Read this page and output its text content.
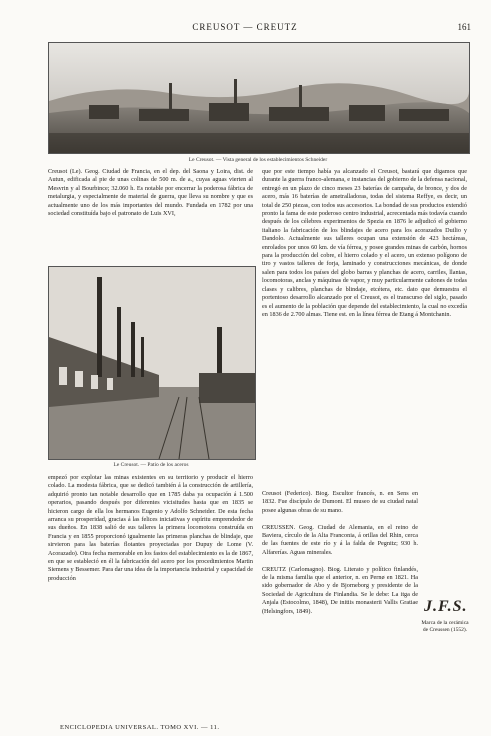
CREUSOT — CREUTZ	161
Le Creusot. — Vista general de los establecimientos Schneider
Creusot (Le). Geog. Ciudad de Francia, en el dep. del Saona y Loira, dist. de Autun, edificada al pie de unas colinas de 500 m. de a., cuyas aguas vierten al Mesvrin y al Bourbince; 32.060 h. Es notable por encerrar la poderosa fábrica de metalurgia, y especialmente de material de guerra, que lleva su nombre y que es actualmente uno de los más importantes del mundo. Fundada en 1782 por una sociedad constituída bajo el patronato de Luis XVI,
Le Creusot. — Patio de los aceros
que por este tiempo había ya alcanzado el Creusot, bastará que digamos que durante la guerra franco-alemana, e instancias del gobierno de la defensa nacional, entregó en un plazo de cinco meses 23 baterías de campaña, de bronce, y dos de acero, más 16 baterías de ametralladoras, todas del sistema Reffye, es decir, un total de 250 piezas, con todos sus accesorios. La bondad de sus productos extendió pronto la fama de este poderoso centro industrial, acrecentada más todavía cuando después de los célebres experimentos de Spezia en 1876 le adjudicó el gobierno italiano la fabricación de los blindajes de acero para los acorazados Duilio y Dandolo. Actualmente sus talleres ocupan una extensión de 423 hectáreas, enrolados por unos 60 km. de vía férrea, y posee grandes minas de carbón, hornos para la producción del cobre, el hierro colado y el acero, un extenso polígono de tiro y vastos talleres de forja, laminado y construcciones mecánicas, de donde salen para todos los países del globo barras y planchas de acero, carriles, llantas, locomotoras, anclas y máquinas de vapor, y muy particularmente cañones de todas clases y calibres, planchas de blindaje, etcétera, etc. dato que demuestra el portentoso desarrollo alcanzado por el Creusot, es el transcurso del siglo, pasado es el aumento de la población que depende del establecimiento, la cual no excedía en 1836 de 2.700 almas. Tiene est. en la línea férrea de Etang á Montchanin.
empezó por explotar las minas existentes en su territorio y producir el hierro colado. La modesta fábrica, que se dedicó también á la construcción de artillería, adquirió pronto tan notable desarrollo que en 1785 daba ya ocupación á 1.500 operarios, pasando después por diferentes vicisitudes hasta que en 1835 se hicieron cargo de ella los hermanos Eugenio y Adolfo Schneider. De esta fecha arranca su prosperidad, gracias á las felices iniciativas y espíritu emprendedor de sus dueños. En 1838 salió de sus talleres la primera locomotora construída en Francia y en 1855 proporcionó igualmente las primeras planchas de blindaje, que sirvieron para las baterías flotantes proyectadas por Dupuy de Lome (V. Acorazado). Otra fecha memorable en los fastos del establecimiento es la de 1867, en que se estableció en él la fabricación del acero por los procedimientos Martin Siemens y Bessemer. Para dar una idea de la importancia industrial y capacidad de producción
Creusot (Federico). Biog. Escultor francés, n. en Sens en 1832. Fue discípulo de Dumont. El museo de su ciudad natal posee algunas obras de su mano.

CREUSSEN. Geog. Ciudad de Alemania, en el reino de Baviera, círculo de la Alta Franconia, á orillas del Rhin, cerca de las fuentes de este río y á la falda de Pegnitz; 930 h. Alfarerías. Aguas minerales.

CREUTZ (Carlomagno). Biog. Literato y político finlandés, de la misma familia que el anterior, n. en Pernø en 1821. Ha sido gobernador de Abo y de Bjorneborg y presidente de la Sociedad de Agricultura de Finlandia. Se le debe: La itga de Anjala (Estocolmo, 1848), De initiis monasterii Vallis Gratiae (Helsingfors, 1849).	J.F.S.
Marca de la cerámica de Creussen (1552).
ENCICLOPEDIA UNIVERSAL. TOMO XVI. — 11.
